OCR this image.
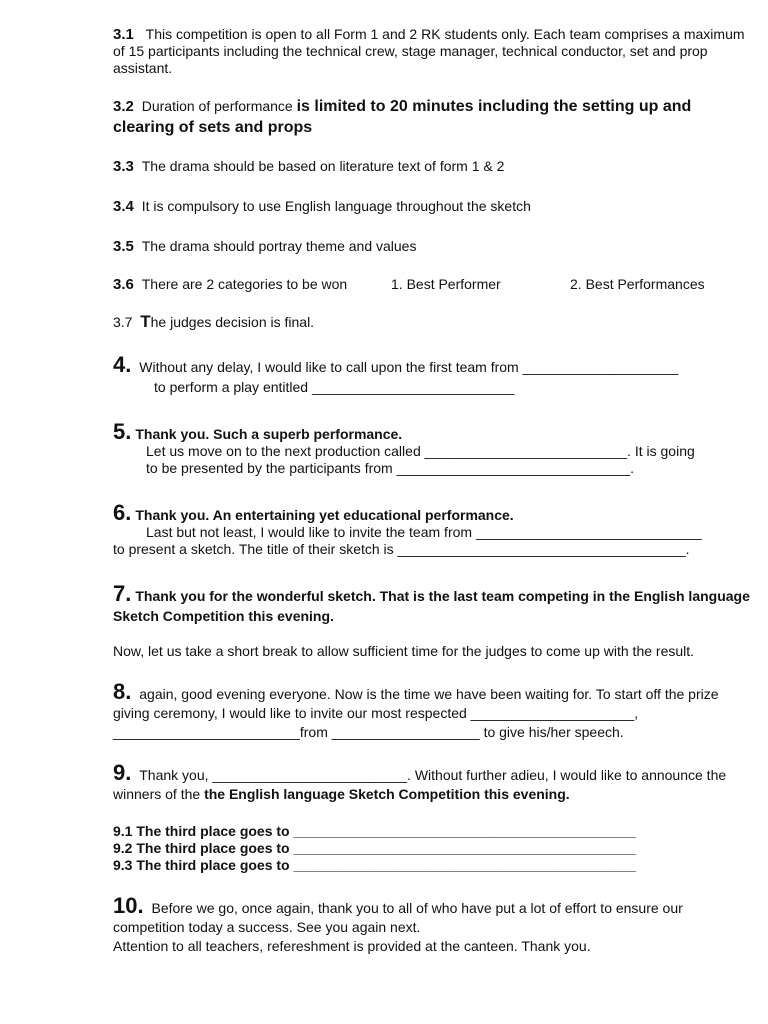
3.1 This competition is open to all Form 1 and 2 RK students only. Each team comprises a maximum of 15 participants including the technical crew, stage manager, technical conductor, set and prop assistant.
3.2 Duration of performance is limited to 20 minutes including the setting up and clearing of sets and props
3.3 The drama should be based on literature text of form 1 & 2
3.4 It is compulsory to use English language throughout the sketch
3.5 The drama should portray theme and values
3.6 There are 2 categories to be won	1. Best Performer	2. Best Performances
3.7 The judges decision is final.
4. Without any delay, I would like to call upon the first team from ____________________
to perform a play entitled __________________________
5. Thank you. Such a superb performance.
Let us move on to the next production called __________________________. It is going
to be presented by the participants from ______________________________.
6. Thank you. An entertaining yet educational performance.
Last but not least, I would like to invite the team from _____________________________
to present a sketch. The title of their sketch is _____________________________________.
7. Thank you for the wonderful sketch. That is the last team competing in the English language Sketch Competition this evening.
Now, let us take a short break to allow sufficient time for the judges to come up with the result.
8. again, good evening everyone. Now is the time we have been waiting for. To start off the prize giving ceremony, I would like to invite our most respected _____________________, ________________________from ___________________ to give his/her speech.
9. Thank you, _________________________. Without further adieu, I would like to announce the winners of the the English language Sketch Competition this evening.
9.1 The third place goes to ____________________________________________
9.2 The third place goes to ____________________________________________
9.3 The third place goes to ____________________________________________
10. Before we go, once again, thank you to all of who have put a lot of effort to ensure our competition today a success. See you again next.
Attention to all teachers, refereshment is provided at the canteen. Thank you.
